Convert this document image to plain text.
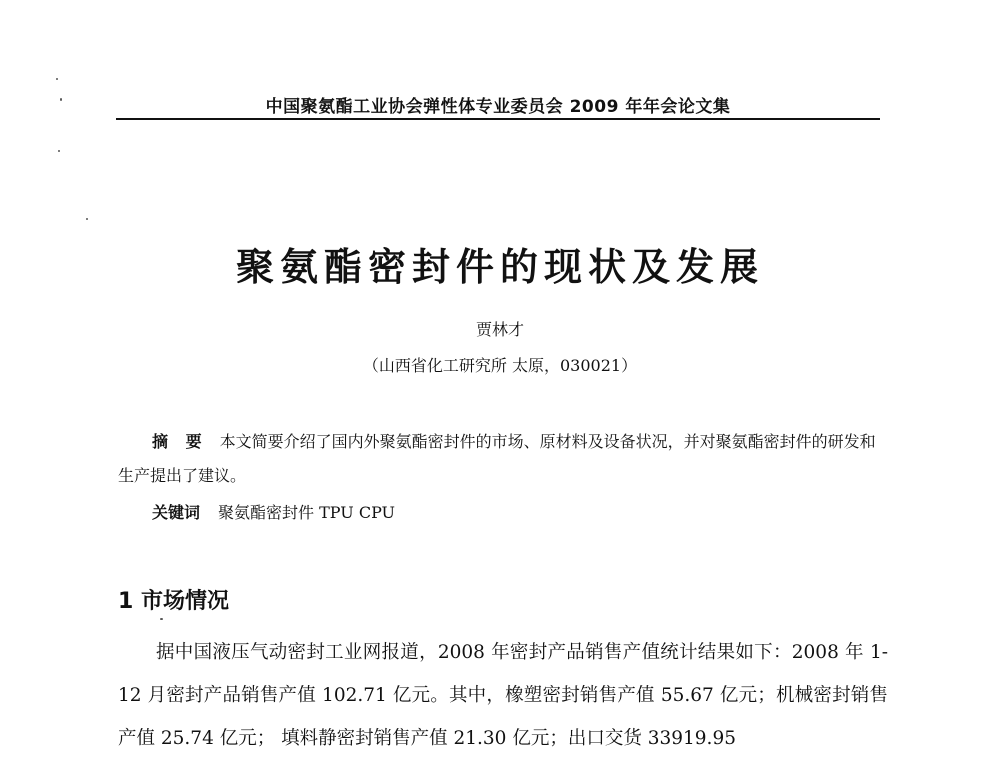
中国聚氨酯工业协会弹性体专业委员会 2009 年年会论文集
聚氨酯密封件的现状及发展
贾林才
（山西省化工研究所 太原，030021）
摘 要 本文简要介绍了国内外聚氨酯密封件的市场、原材料及设备状况，并对聚氨酯密封件的研发和生产提出了建议。
关键词 聚氨酯密封件 TPU CPU
1 市场情况

据中国液压气动密封工业网报道，2008 年密封产品销售产值统计结果如下：2008 年 1-12 月密封产品销售产值 102.71 亿元。其中，橡塑密封销售产值 55.67 亿元；机械密封销售产值 25.74 亿元； 填料静密封销售产值 21.30 亿元；出口交货 33919.95
